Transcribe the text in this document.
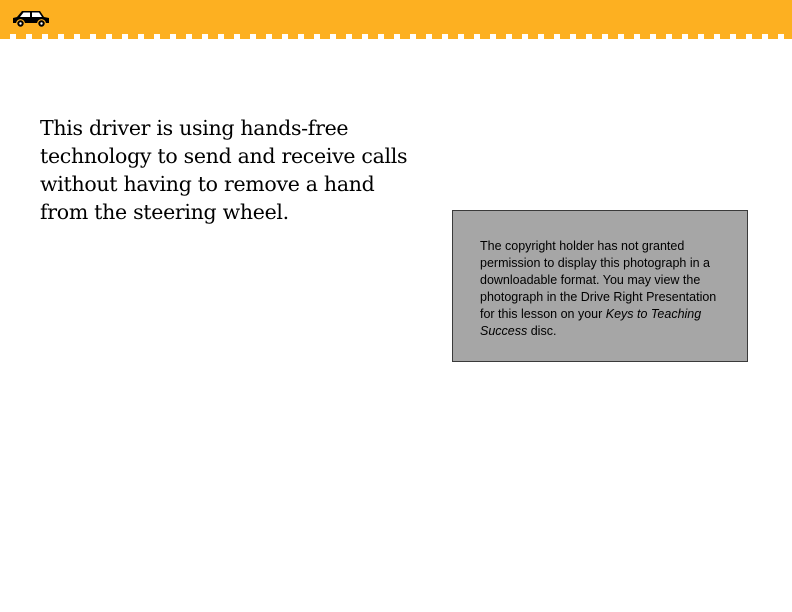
This driver is using hands-free
technology to send and receive calls
without having to remove a hand
from the steering wheel.
The copyright holder has not granted permission to display this photograph in a downloadable format. You may view the photograph in the Drive Right Presentation for this lesson on your Keys to Teaching Success disc.
